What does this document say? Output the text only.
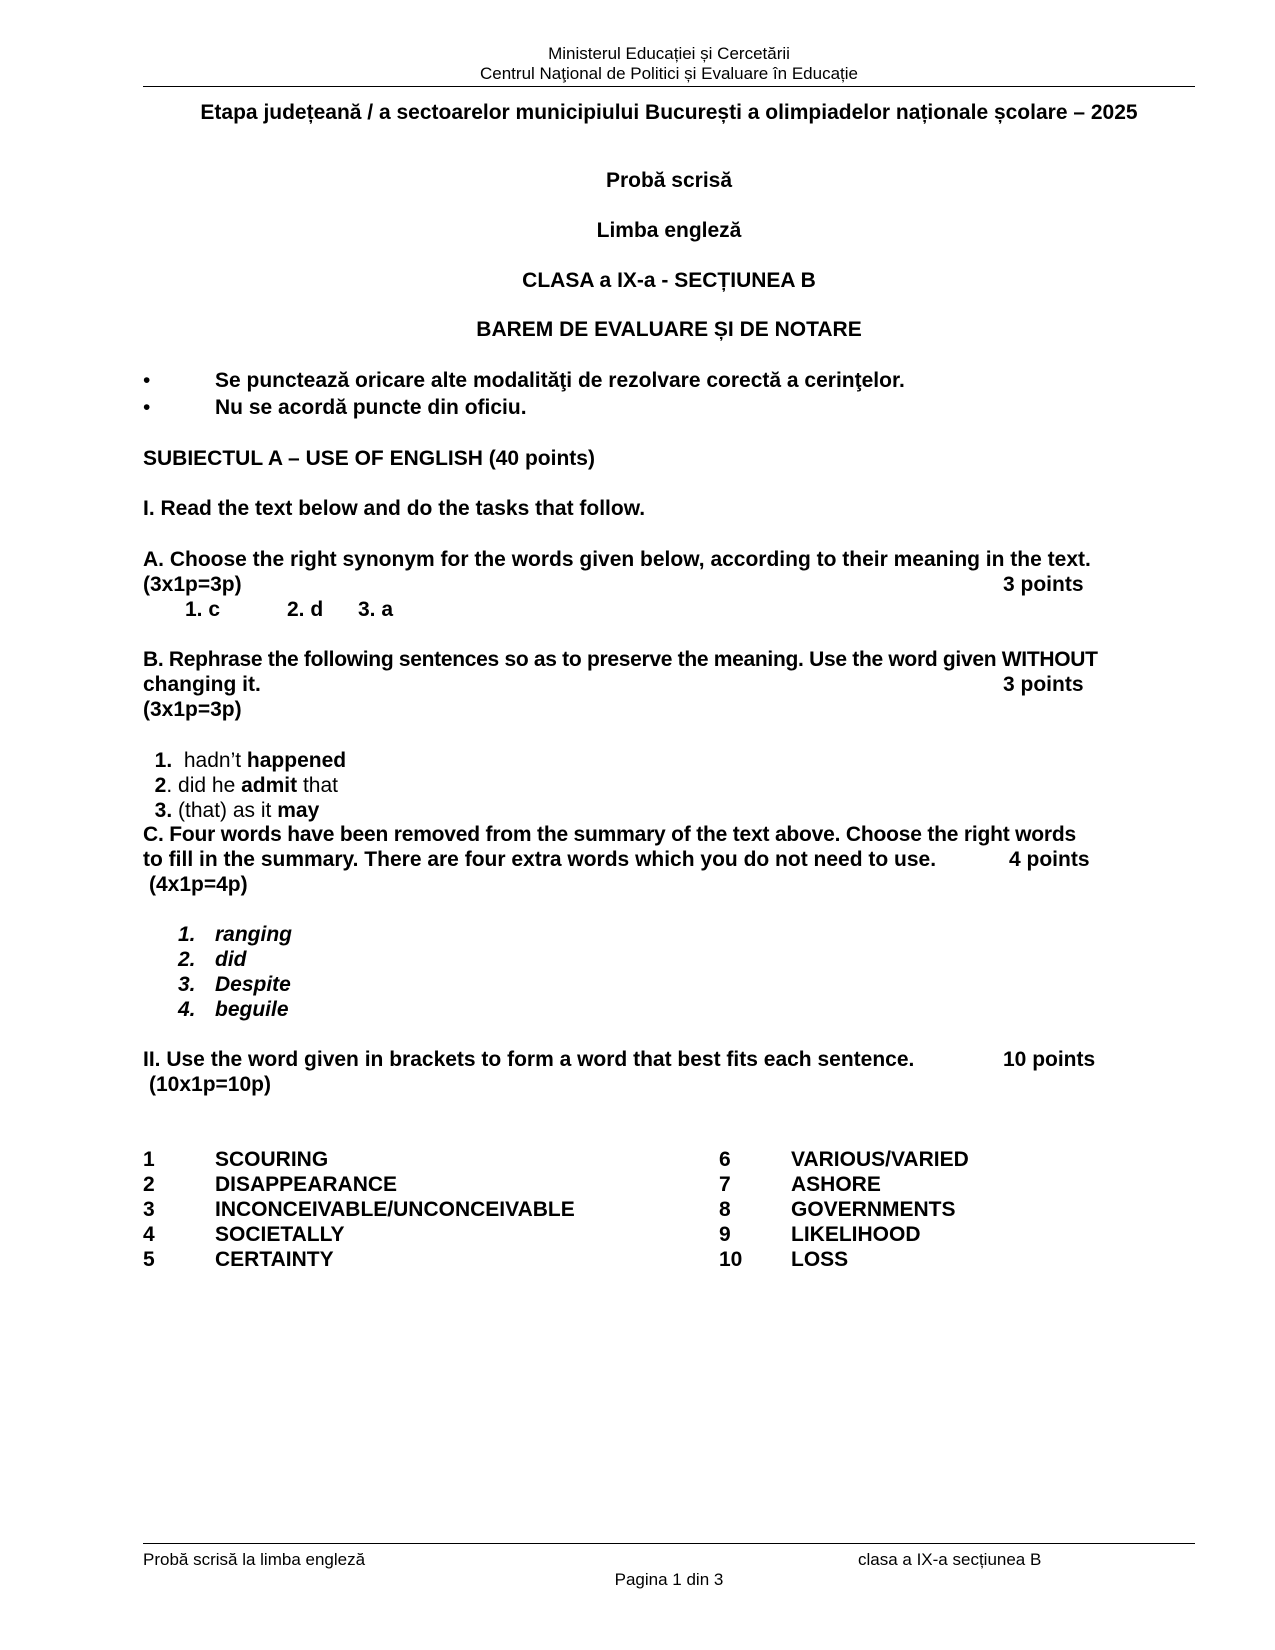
Ministerul Educației și Cercetării
Centrul Naţional de Politici și Evaluare în Educație
Etapa județeană / a sectoarelor municipiului București a olimpiadelor naționale școlare – 2025
Probă scrisă
Limba engleză
CLASA a IX-a - SECȚIUNEA B
BAREM DE EVALUARE ȘI DE NOTARE
•	Se punctează oricare alte modalităţi de rezolvare corectă a cerinţelor.
•	Nu se acordă puncte din oficiu.
SUBIECTUL A – USE OF ENGLISH (40 points)
I. Read the text below and do the tasks that follow.
A. Choose the right synonym for the words given below, according to their meaning in the text.
(3x1p=3p)	3 points
1. c	2. d 3. a
B. Rephrase the following sentences so as to preserve the meaning. Use the word given WITHOUT
changing it.	3 points
(3x1p=3p)

1.  hadn’t happened

2. did he admit that

3. (that) as it may

C. Four words have been removed from the summary of the text above. Choose the right words
to fill in the summary. There are four extra words which you do not need to use.	4 points
(4x1p=4p)
1. ranging
2. did
3. Despite
4. beguile
II. Use the word given in brackets to form a word that best fits each sentence.	10 points
(10x1p=10p)
1	SCOURING
2	DISAPPEARANCE
3	INCONCEIVABLE/UNCONCEIVABLE
4	SOCIETALLY
5	CERTAINTY
6	VARIOUS/VARIED
7	ASHORE
8	GOVERNMENTS
9	LIKELIHOOD
10 LOSS
Probă scrisă la limba engleză	clasa a IX-a secțiunea B
Pagina 1 din 3
